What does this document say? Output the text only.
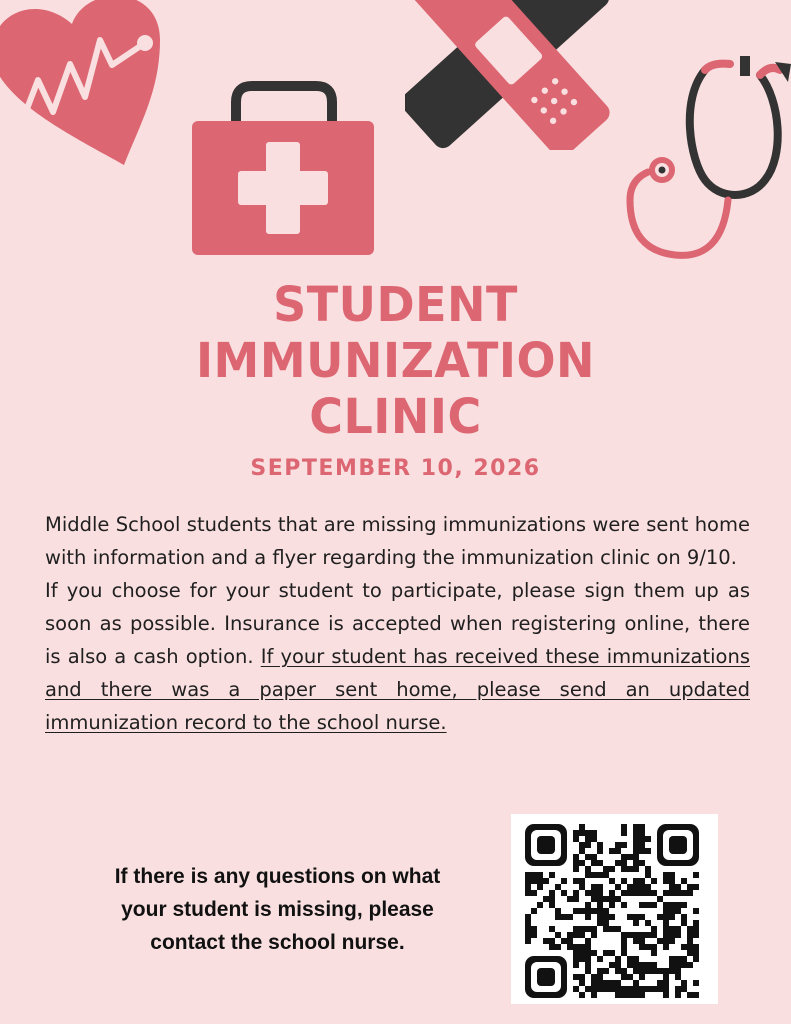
STUDENT
IMMUNIZATION
CLINIC
SEPTEMBER 10, 2026

Middle School students that are missing immunizations were sent home with information and a flyer regarding the immunization clinic on 9/10.

If you choose for your student to participate, please sign them up as soon as possible. Insurance is accepted when registering online, there is also a cash option. If your student has received these immunizations and there was a paper sent home, please send an updated immunization record to the school nurse.

If there is any questions on what
your student is missing, please
contact the school nurse.
